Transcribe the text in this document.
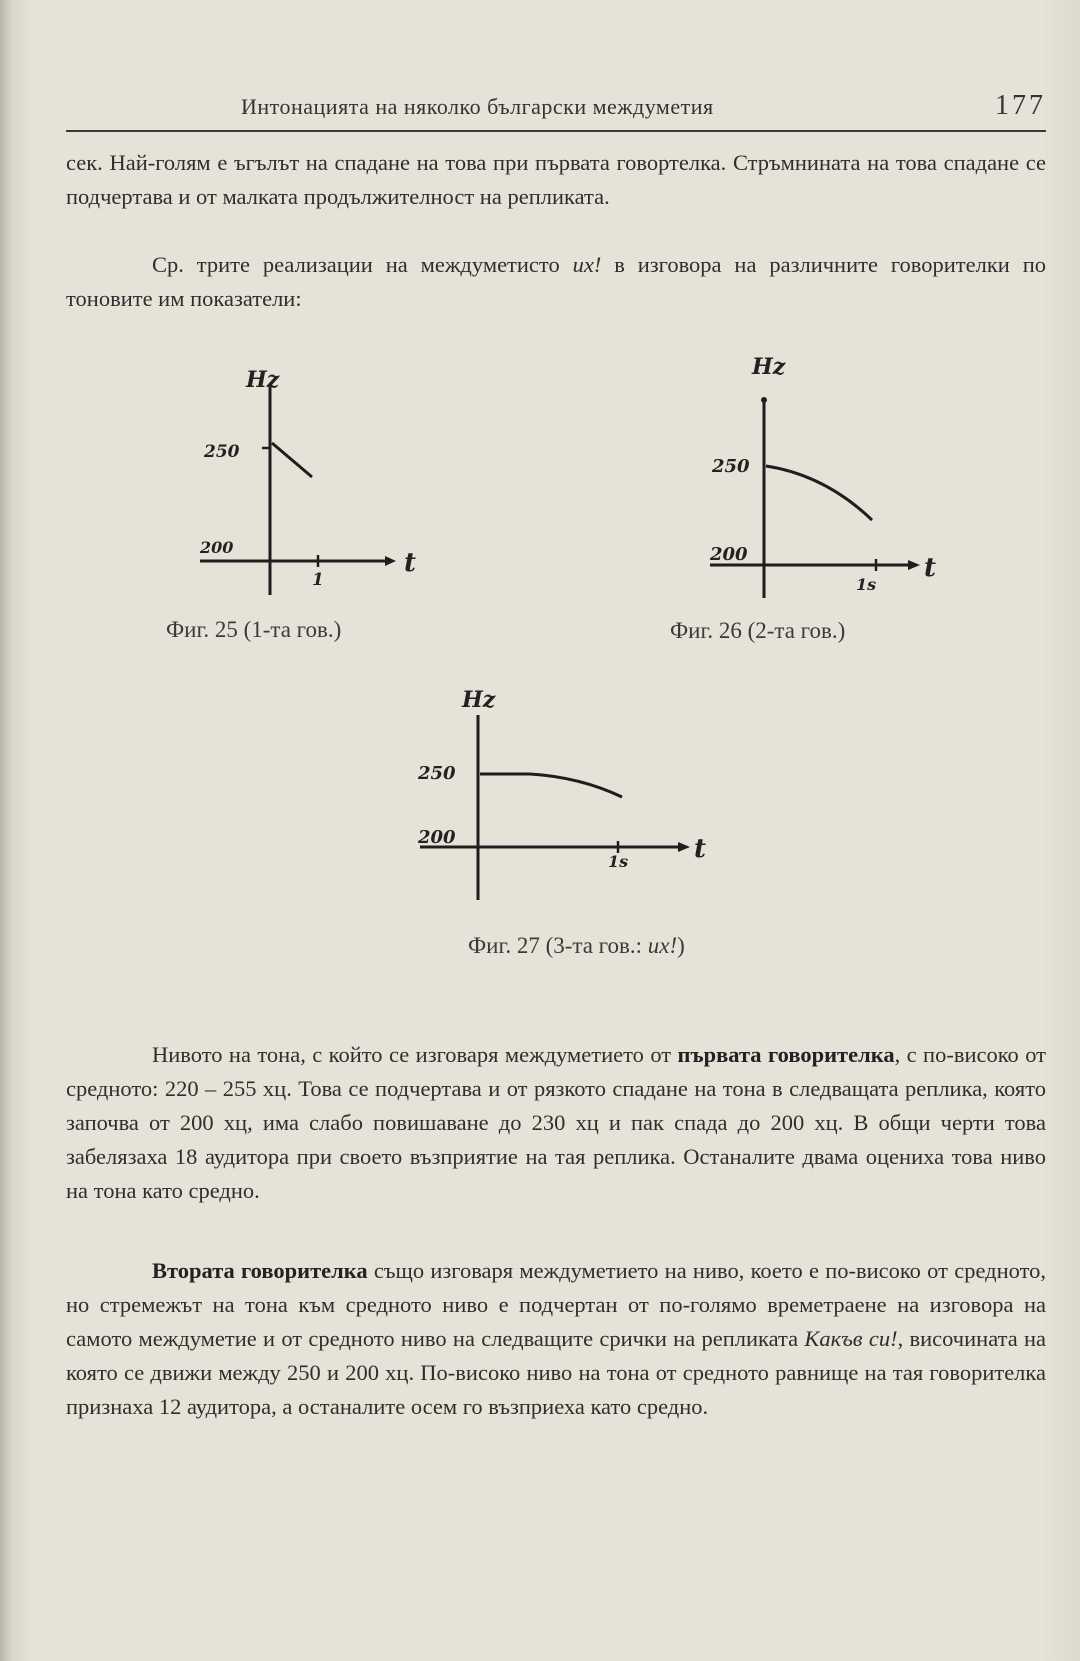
Интонацията на няколко български междуметия	177

сек. Най-голям е ъгълът на спадане на това при първата говортелка. Стръмнината на това спадане се подчертава и от малката продължителност на репликата.

Ср. трите реализации на междуметисто ux! в изговора на различните говорителки по тоновите им показатели:

Hz
250
200
1
t
Фиг. 25 (1-та гов.)
Hz
250
200
1s
t
Фиг. 26 (2-та гов.)
Hz
250
200
1s	t
Фиг. 27 (3-та гов.: ux!)

Нивото на тона, с който се изговаря междуметието от първата говорителка, с по-високо от средното: 220 – 255 хц. Това се подчертава и от рязкото спадане на тона в следващата реплика, която започва от 200 хц, има слабо повишаване до 230 хц и пак спада до 200 хц. В общи черти това забелязаха 18 аудитора при своето възприятие на тая реплика. Останалите двама оцениха това ниво на тона като средно.

Втората говорителка също изговаря междуметието на ниво, което е по-високо от средното, но стремежът на тона към средното ниво е подчертан от по-голямо времетраене на изговора на самото междуметие и от средното ниво на следващите срички на репликата Какъв си!, височината на която се движи между 250 и 200 хц. По-високо ниво на тона от средното равнище на тая говорителка признаха 12 аудитора, а останалите осем го възприеха като средно.
